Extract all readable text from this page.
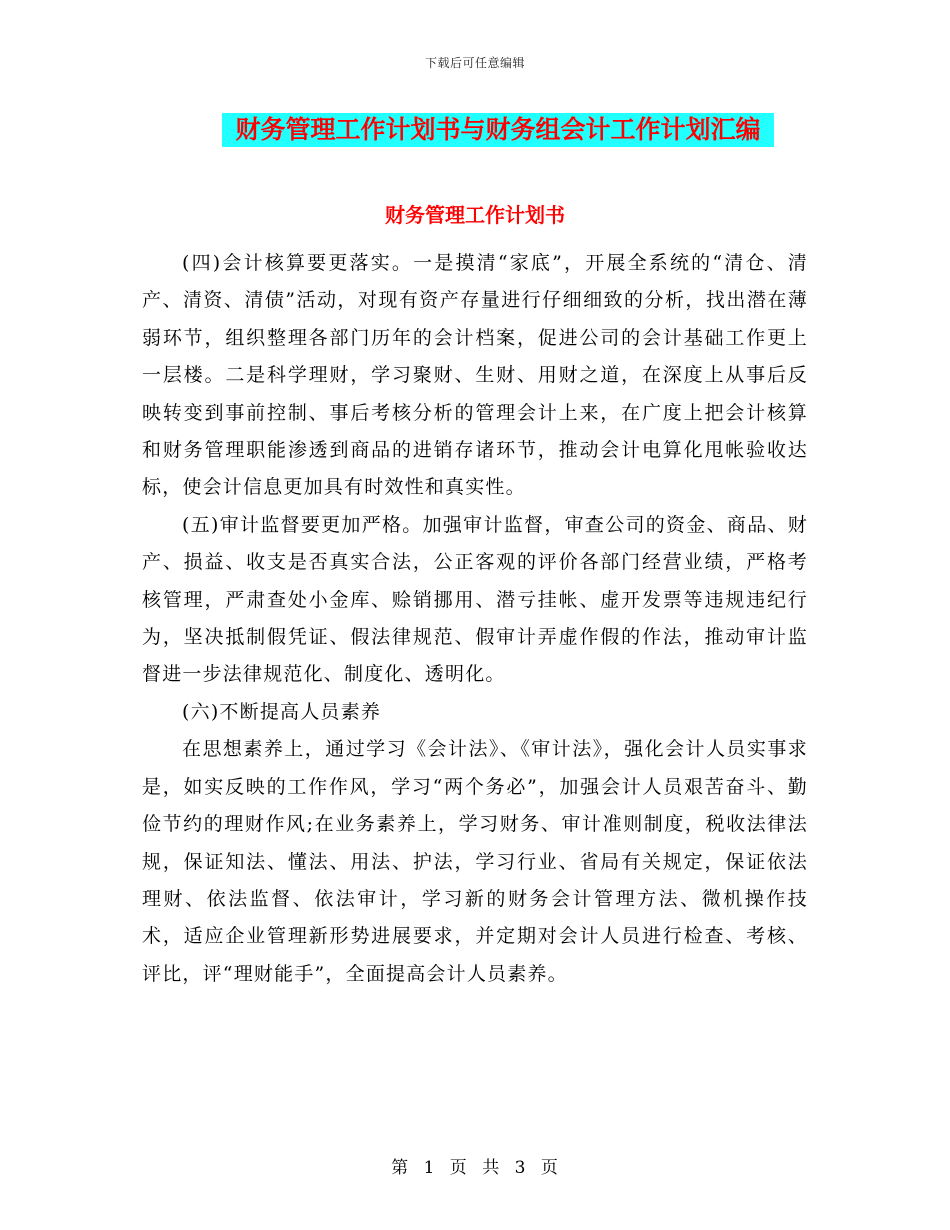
下载后可任意编辑
财务管理工作计划书与财务组会计工作计划汇编
财务管理工作计划书

(四)会计核算要更落实。一是摸清“家底”，开展全系统的“清仓、清产、清资、清债”活动，对现有资产存量进行仔细细致的分析，找出潜在薄弱环节，组织整理各部门历年的会计档案，促进公司的会计基础工作更上一层楼。二是科学理财，学习聚财、生财、用财之道，在深度上从事后反映转变到事前控制、事后考核分析的管理会计上来，在广度上把会计核算和财务管理职能渗透到商品的进销存诸环节，推动会计电算化甩帐验收达标，使会计信息更加具有时效性和真实性。

(五)审计监督要更加严格。加强审计监督，审查公司的资金、商品、财产、损益、收支是否真实合法，公正客观的评价各部门经营业绩，严格考核管理，严肃查处小金库、赊销挪用、潜亏挂帐、虚开发票等违规违纪行为，坚决抵制假凭证、假法律规范、假审计弄虚作假的作法，推动审计监督进一步法律规范化、制度化、透明化。

(六)不断提高人员素养

在思想素养上，通过学习《会计法》、《审计法》，强化会计人员实事求是，如实反映的工作作风，学习“两个务必”，加强会计人员艰苦奋斗、勤俭节约的理财作风;在业务素养上，学习财务、审计准则制度，税收法律法规，保证知法、懂法、用法、护法，学习行业、省局有关规定，保证依法理财、依法监督、依法审计，学习新的财务会计管理方法、微机操作技术，适应企业管理新形势进展要求，并定期对会计人员进行检查、考核、评比，评“理财能手”，全面提高会计人员素养。

第 1 页 共 3 页
